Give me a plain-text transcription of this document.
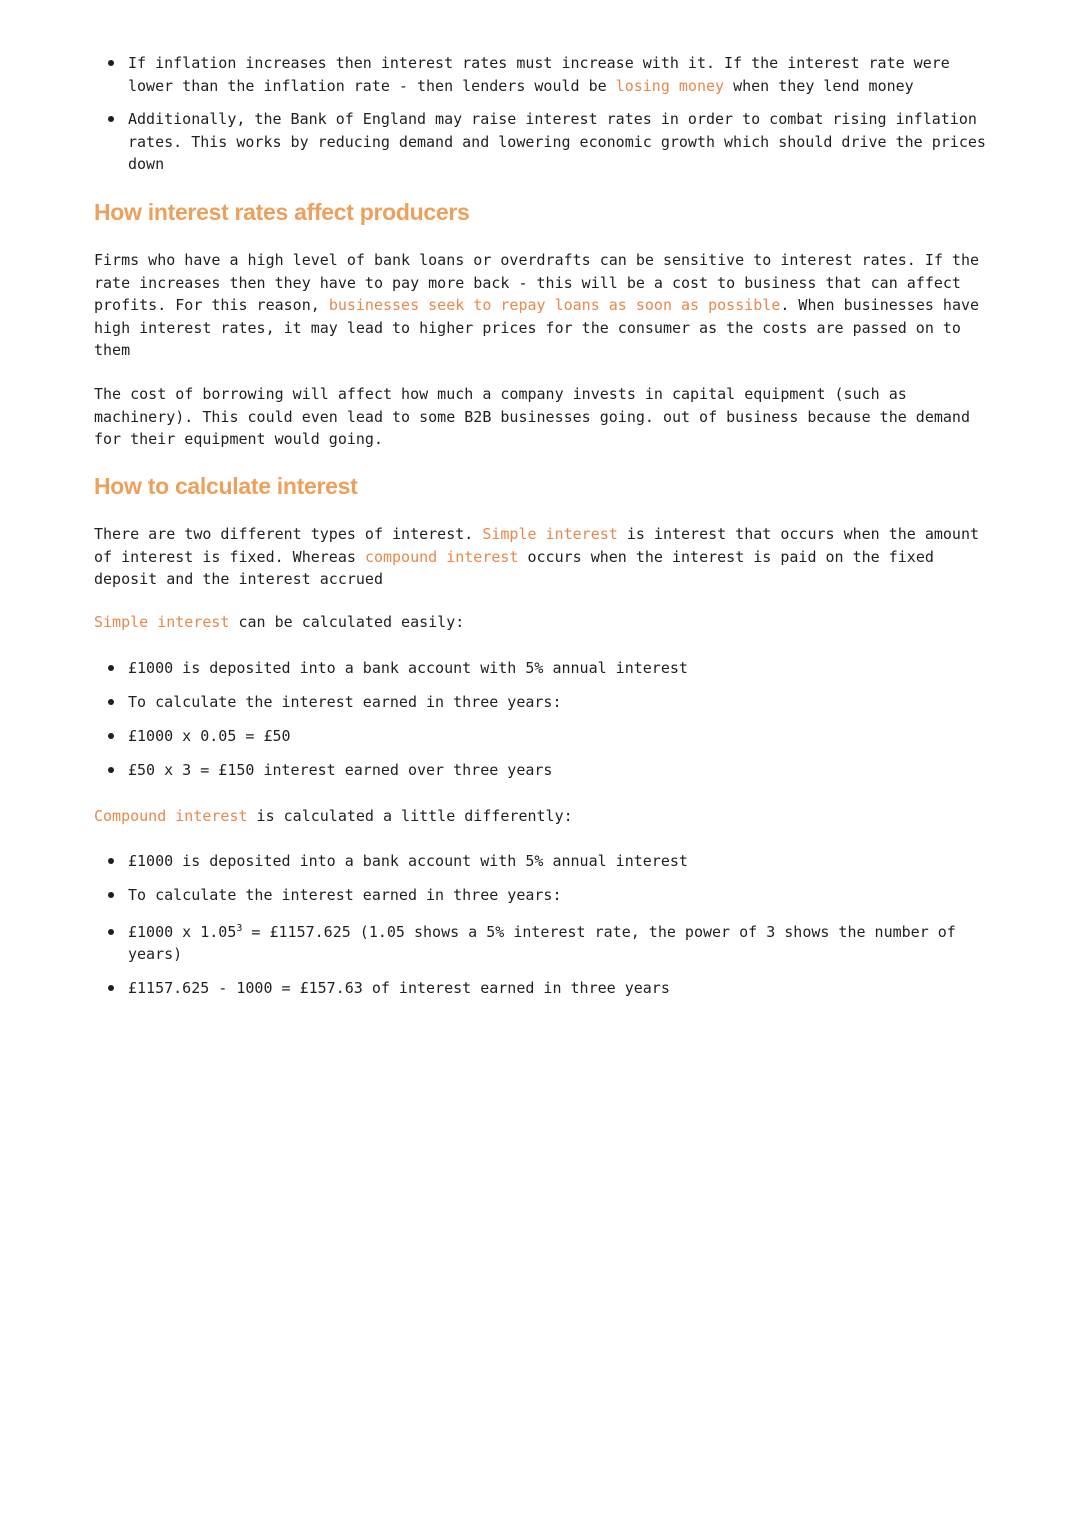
If inflation increases then interest rates must increase with it. If the interest rate were lower than the inflation rate - then lenders would be losing money when they lend money
Additionally, the Bank of England may raise interest rates in order to combat rising inflation rates. This works by reducing demand and lowering economic growth which should drive the prices down
How interest rates affect producers

Firms who have a high level of bank loans or overdrafts can be sensitive to interest rates. If the rate increases then they have to pay more back - this will be a cost to business that can affect profits. For this reason, businesses seek to repay loans as soon as possible. When businesses have high interest rates, it may lead to higher prices for the consumer as the costs are passed on to them

The cost of borrowing will affect how much a company invests in capital equipment (such as machinery). This could even lead to some B2B businesses going. out of business because the demand for their equipment would going.

How to calculate interest

There are two different types of interest. Simple interest is interest that occurs when the amount of interest is fixed. Whereas compound interest occurs when the interest is paid on the fixed deposit and the interest accrued

Simple interest can be calculated easily:

£1000 is deposited into a bank account with 5% annual interest
To calculate the interest earned in three years:
£1000 x 0.05 = £50
£50 x 3 = £150 interest earned over three years

Compound interest is calculated a little differently:

£1000 is deposited into a bank account with 5% annual interest
To calculate the interest earned in three years:
£1000 x $1.05^3$ = £1157.625 (1.05 shows a 5% interest rate, the power of 3 shows the number of years)
£1157.625 - 1000 = £157.63 of interest earned in three years
